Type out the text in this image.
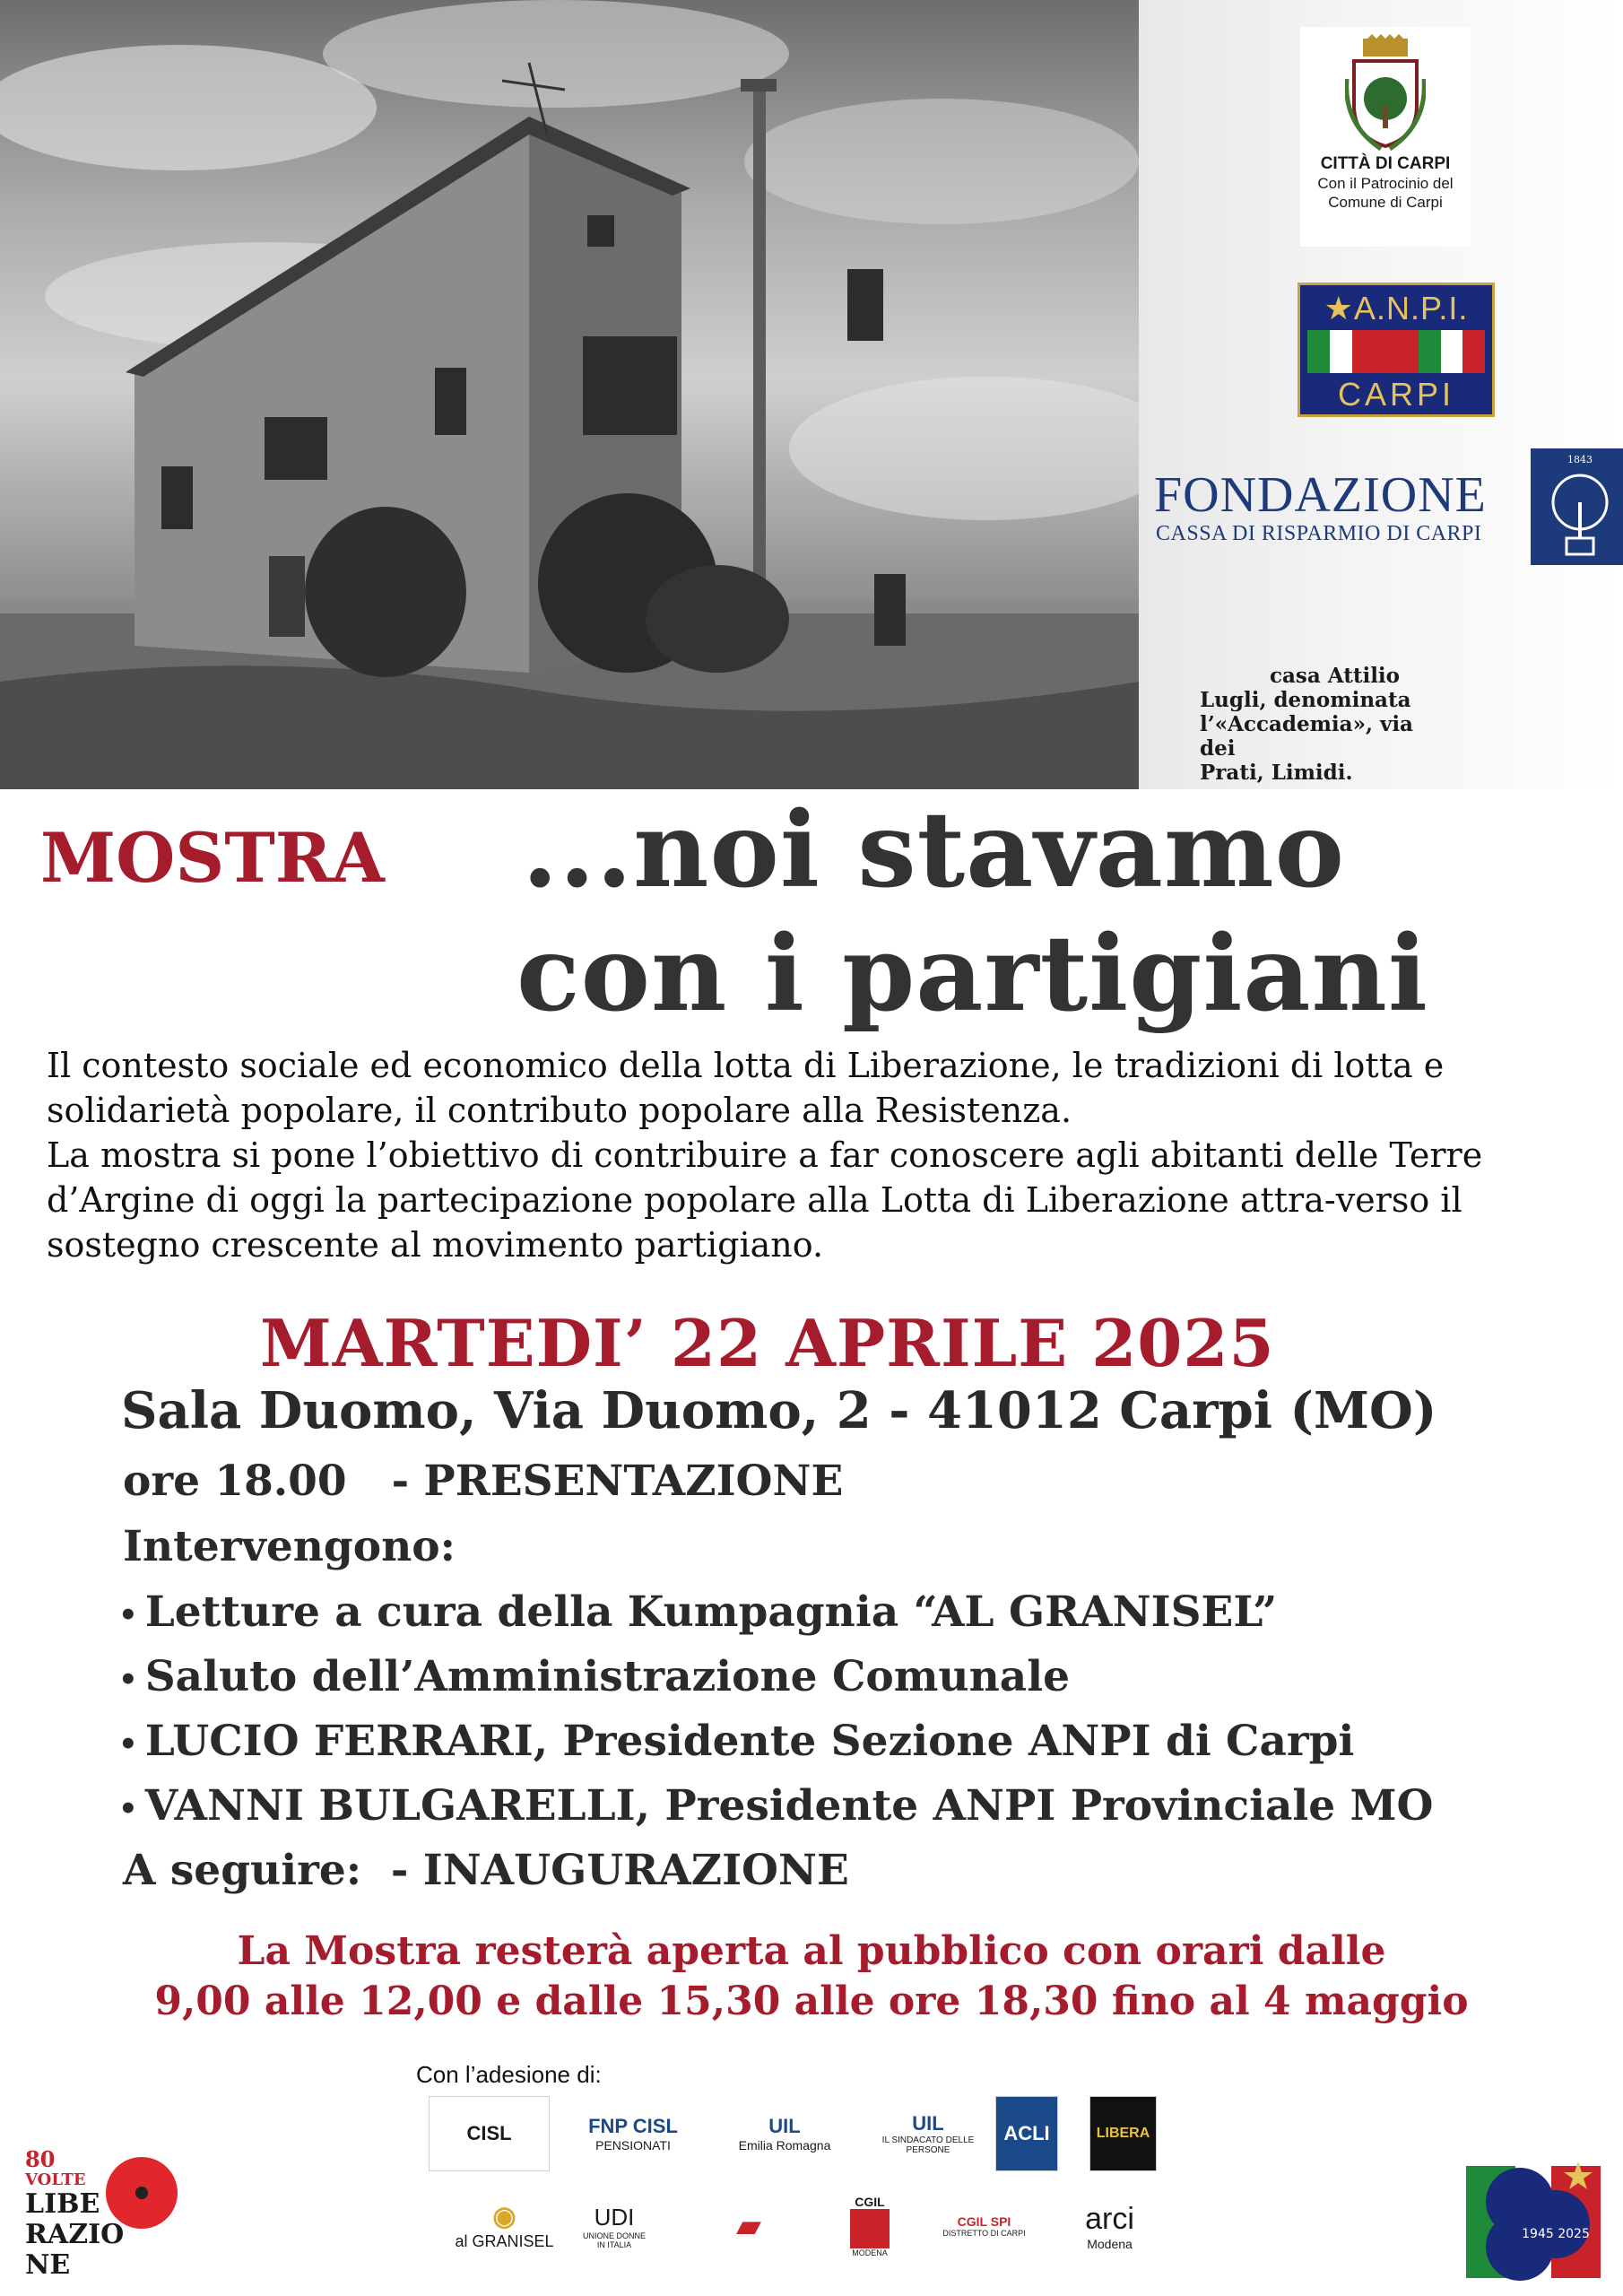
CITTÀ DI CARPI
Con il Patrocinio del
Comune di Carpi
★A.N.P.I.
CARPI
FONDAZIONE
CASSA DI RISPARMIO DI CARPI
1843
casa Attilio
Lugli, denominata
l’«Accademia», via dei
Prati, Limidi.
MOSTRA ...noi stavamo
con i partigiani

Il contesto sociale ed economico della lotta di Liberazione, le tradizioni di lotta e solidarietà popolare, il contributo popolare alla Resistenza.

La mostra si pone l’obiettivo di contribuire a far conoscere agli abitanti delle Terre d’Argine di oggi la partecipazione popolare alla Lotta di Liberazione attra-verso il sostegno crescente al movimento partigiano.

MARTEDI’ 22 APRILE 2025
Sala Duomo, Via Duomo, 2 - 41012 Carpi (MO)
ore 18.00 - PRESENTAZIONE
Intervengono:
• Letture a cura della Kumpagnia “AL GRANISEL”
• Saluto dell’Amministrazione Comunale
• LUCIO FERRARI, Presidente Sezione ANPI di Carpi
• VANNI BULGARELLI, Presidente ANPI Provinciale MO
A seguire: - INAUGURAZIONE
La Mostra resterà aperta al pubblico con orari dalle
9,00 alle 12,00 e dalle 15,30 alle ore 18,30 fino al 4 maggio
Con l’adesione di:
CISL	FNP CISL
PENSIONATI
UIL
Emilia Romagna
UIL
IL SINDACATO DELLE PERSONE
ACLI	LIBERA
◉
al GRANISEL
UDI
UNIONE DONNE IN ITALIA
▰
CGIL
MODENA
CGIL SPI
DISTRETTO DI CARPI arci
Modena
80
VOLTE
LIBE
RAZIO
NE
1945 2025
